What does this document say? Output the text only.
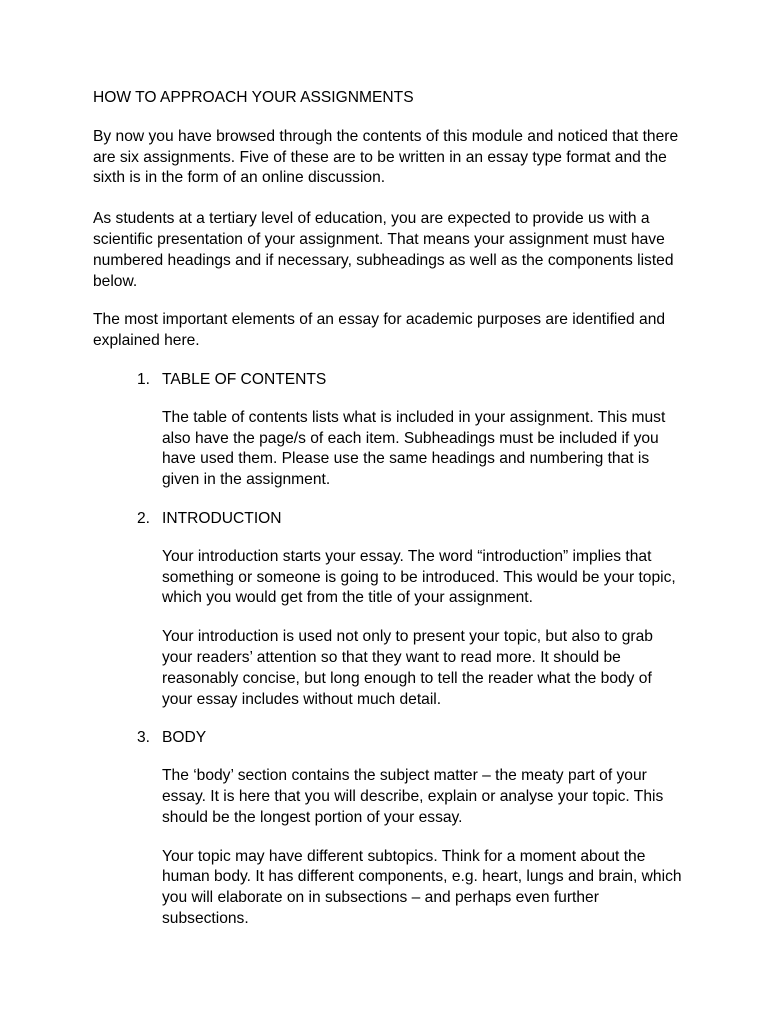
HOW TO APPROACH YOUR ASSIGNMENTS

By now you have browsed through the contents of this module and noticed that there are six assignments. Five of these are to be written in an essay type format and the sixth is in the form of an online discussion.

As students at a tertiary level of education, you are expected to provide us with a scientific presentation of your assignment. That means your assignment must have numbered headings and if necessary, subheadings as well as the components listed below.

The most important elements of an essay for academic purposes are identified and explained here.

1. TABLE OF CONTENTS

The table of contents lists what is included in your assignment. This must also have the page/s of each item. Subheadings must be included if you have used them. Please use the same headings and numbering that is given in the assignment.

2. INTRODUCTION

Your introduction starts your essay. The word “introduction” implies that something or someone is going to be introduced. This would be your topic, which you would get from the title of your assignment.

Your introduction is used not only to present your topic, but also to grab your readers’ attention so that they want to read more. It should be reasonably concise, but long enough to tell the reader what the body of your essay includes without much detail.

3. BODY

The ‘body’ section contains the subject matter – the meaty part of your essay. It is here that you will describe, explain or analyse your topic. This should be the longest portion of your essay.

Your topic may have different subtopics. Think for a moment about the human body. It has different components, e.g. heart, lungs and brain, which you will elaborate on in subsections – and perhaps even further subsections.
